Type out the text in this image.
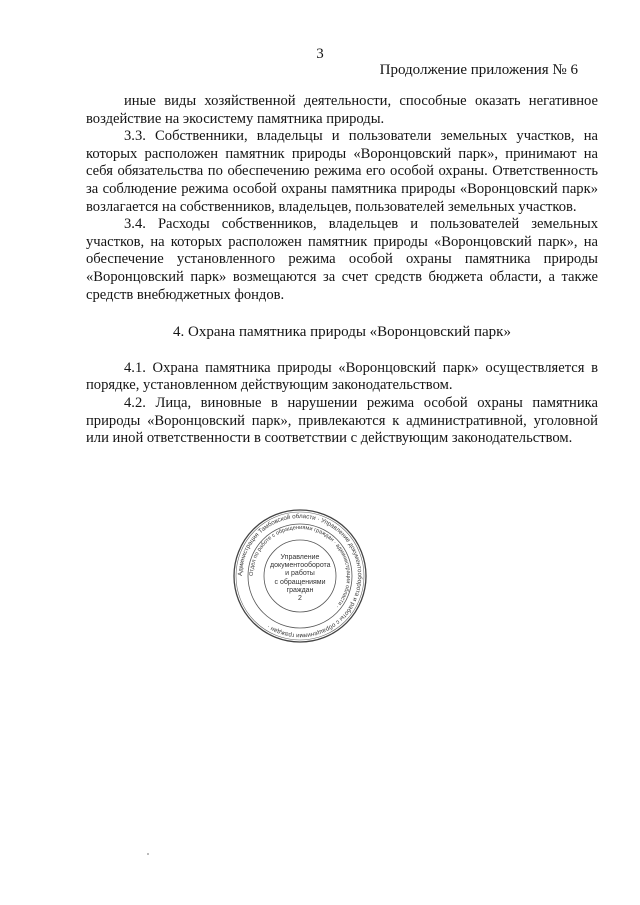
3
Продолжение приложения № 6

иные виды хозяйственной деятельности, способные оказать негативное воздействие на экосистему памятника природы.

3.3. Собственники, владельцы и пользователи земельных участков, на которых расположен памятник природы «Воронцовский парк», принимают на себя обязательства по обеспечению режима его особой охраны. Ответственность за соблюдение режима особой охраны памятника природы «Воронцовский парк» возлагается на собственников, владельцев, пользователей земельных участков.

3.4. Расходы собственников, владельцев и пользователей земельных участков, на которых расположен памятник природы «Воронцовский парк», на обеспечение установленного режима особой охраны памятника природы «Воронцовский парк» возмещаются за счет средств бюджета области, а также средств внебюджетных фондов.

4. Охрана памятника природы «Воронцовский парк»

4.1. Охрана памятника природы «Воронцовский парк» осуществляется в порядке, установленном действующим законодательством.

4.2. Лица, виновные в нарушении режима особой охраны памятника природы «Воронцовский парк», привлекаются к административной, уголовной или иной ответственности в соответствии с действующим законодательством.

Администрация Тамбовской области · Управление документооборота и работы с обращениями граждан ·
Отдел по работе с обращениями граждан · администрации области ·
Управление
документооборота
и работы
с обращениями
граждан
2
